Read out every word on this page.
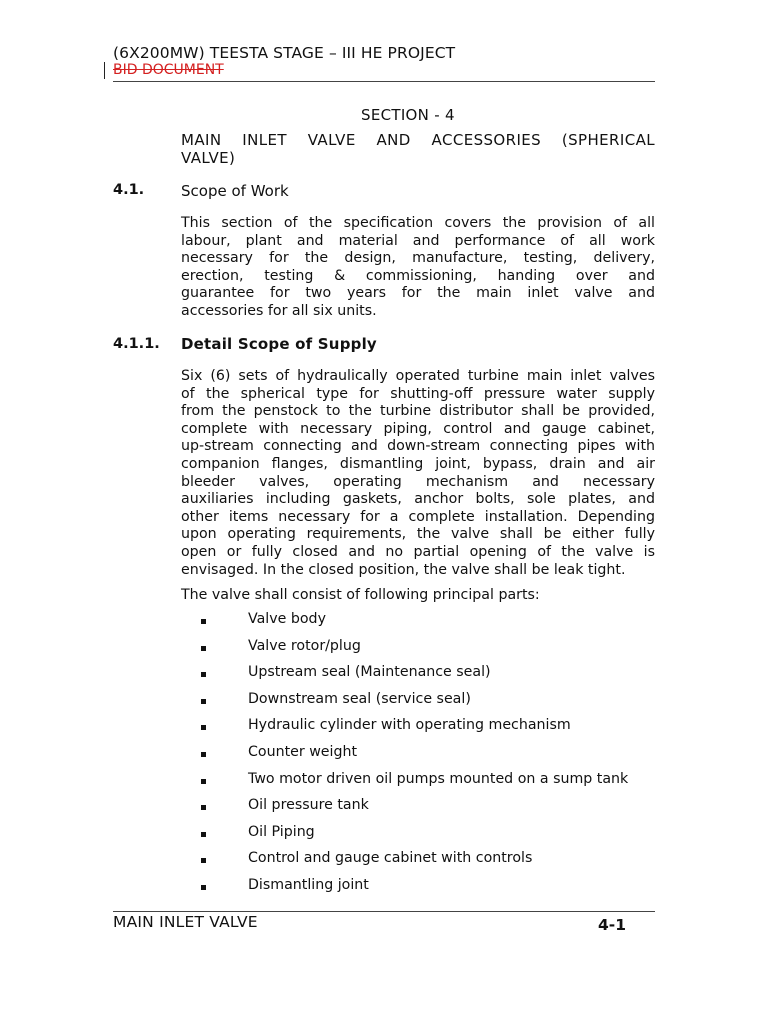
(6X200MW) TEESTA STAGE – III HE PROJECT
BID DOCUMENT
SECTION - 4
MAIN INLET VALVE AND ACCESSORIES (SPHERICAL
VALVE)
4.1. Scope of Work
This section of the specification covers the provision of all
labour, plant and material and performance of all work
necessary for the design, manufacture, testing, delivery,
erection, testing & commissioning, handing over and
guarantee for two years for the main inlet valve and
accessories for all six units.
4.1.1. Detail Scope of Supply
Six (6) sets of hydraulically operated turbine main inlet valves
of the spherical type for shutting-off pressure water supply
from the penstock to the turbine distributor shall be provided,
complete with necessary piping, control and gauge cabinet,
up-stream connecting and down-stream connecting pipes with
companion flanges, dismantling joint, bypass, drain and air
bleeder valves, operating mechanism and necessary
auxiliaries including gaskets, anchor bolts, sole plates, and
other items necessary for a complete installation. Depending
upon operating requirements, the valve shall be either fully
open or fully closed and no partial opening of the valve is
envisaged. In the closed position, the valve shall be leak tight.
The valve shall consist of following principal parts:
Valve body
Valve rotor/plug
Upstream seal (Maintenance seal)
Downstream seal (service seal)
Hydraulic cylinder with operating mechanism
Counter weight
Two motor driven oil pumps mounted on a sump tank
Oil pressure tank
Oil Piping
Control and gauge cabinet with controls
Dismantling joint
MAIN INLET VALVE	4-1
